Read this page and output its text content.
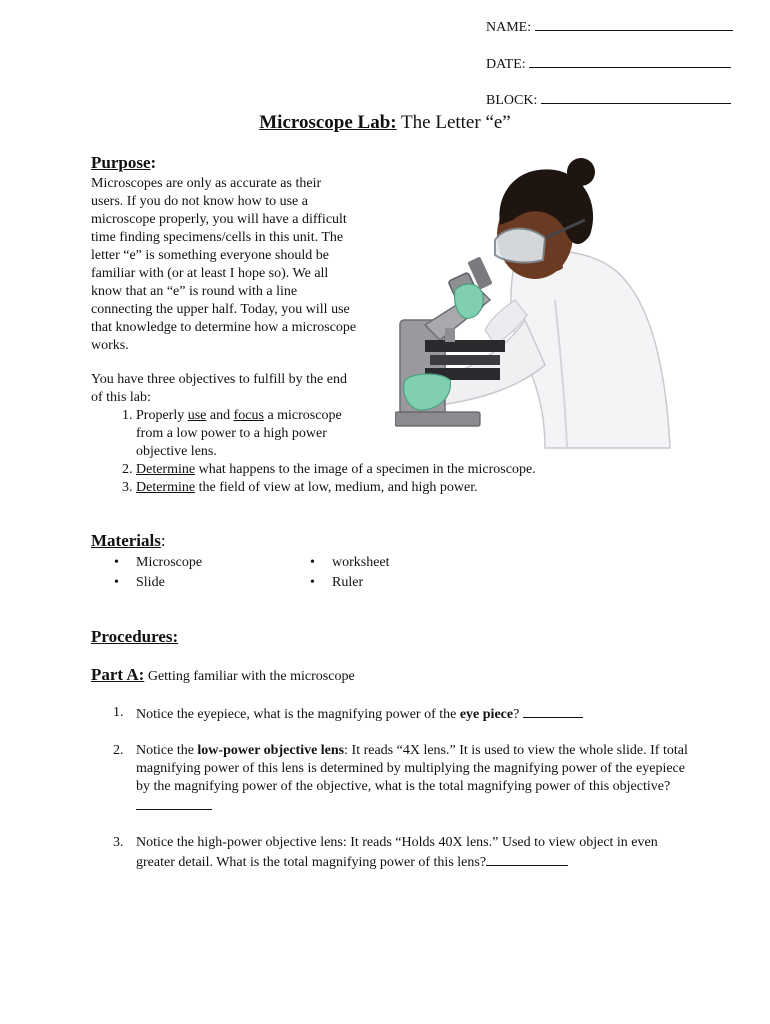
NAME:
DATE:
BLOCK:
Microscope Lab: The Letter “e”
Purpose:
Microscopes are only as accurate as their
users. If you do not know how to use a
microscope properly, you will have a difficult
time finding specimens/cells in this unit. The
letter “e” is something everyone should be
familiar with (or at least I hope so). We all
know that an “e” is round with a line
connecting the upper half. Today, you will use
that knowledge to determine how a microscope
works.
You have three objectives to fulfill by the end
of this lab:
1. Properly use and focus a microscope from a low power to a high power objective lens.
2. Determine what happens to the image of a specimen in the microscope.
3. Determine the field of view at low, medium, and high power.
Materials:
• Microscope
• Slide
• worksheet
• Ruler
Procedures:
Part A: Getting familiar with the microscope
1. Notice the eyepiece, what is the magnifying power of the eye piece?
2. Notice the low-power objective lens: It reads “4X lens.” It is used to view the whole slide. If total magnifying power of this lens is determined by multiplying the magnifying power of the eyepiece by the magnifying power of the objective, what is the total magnifying power of this objective?
3. Notice the high-power objective lens: It reads “Holds 40X lens.” Used to view object in even greater detail. What is the total magnifying power of this lens?
